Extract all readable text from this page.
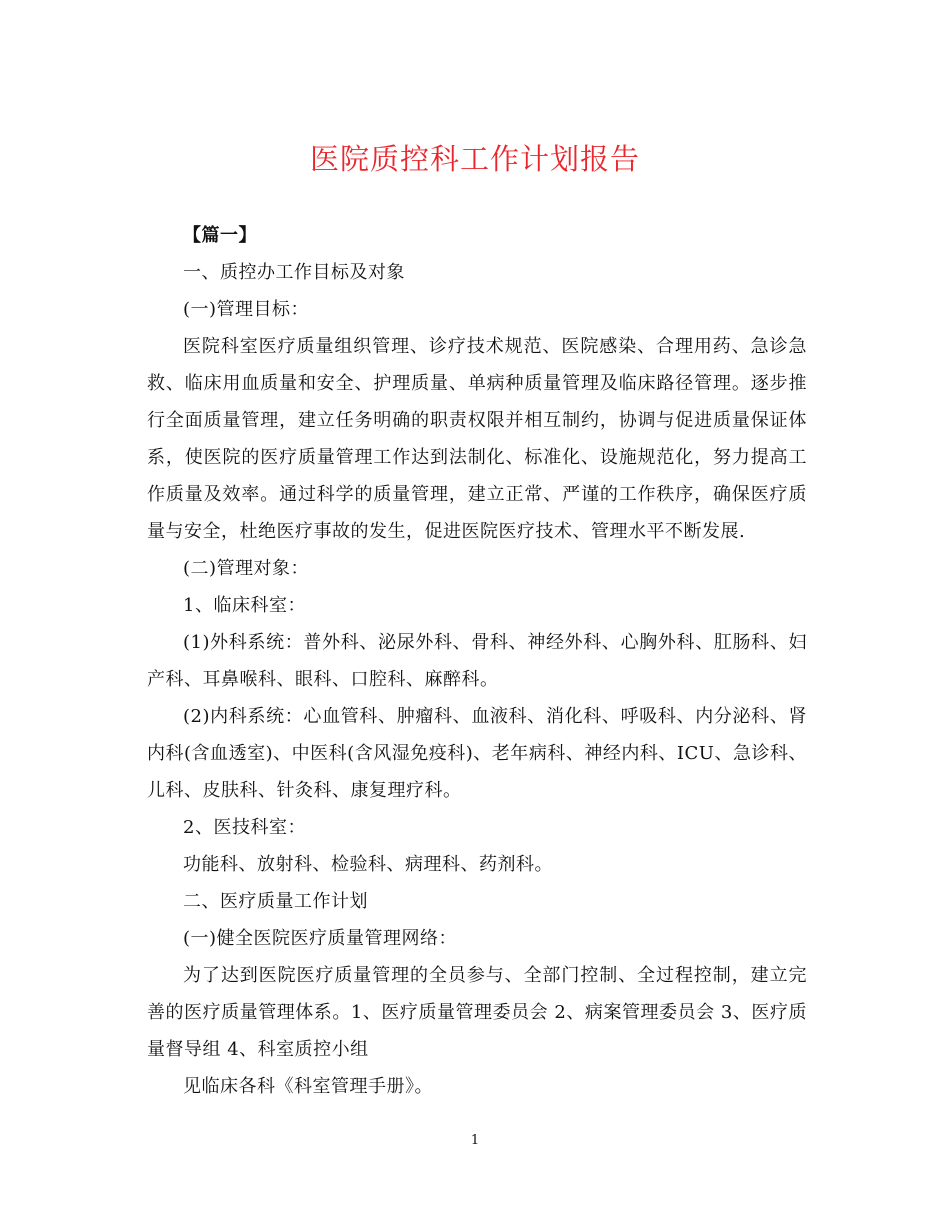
医院质控科工作计划报告

【篇一】

一、质控办工作目标及对象

(一)管理目标：

医院科室医疗质量组织管理、诊疗技术规范、医院感染、合理用药、急诊急救、临床用血质量和安全、护理质量、单病种质量管理及临床路径管理。逐步推行全面质量管理，建立任务明确的职责权限并相互制约，协调与促进质量保证体系，使医院的医疗质量管理工作达到法制化、标准化、设施规范化，努力提高工作质量及效率。通过科学的质量管理，建立正常、严谨的工作秩序，确保医疗质量与安全，杜绝医疗事故的发生，促进医院医疗技术、管理水平不断发展.

(二)管理对象：

1、临床科室：

(1)外科系统：普外科、泌尿外科、骨科、神经外科、心胸外科、肛肠科、妇产科、耳鼻喉科、眼科、口腔科、麻醉科。

(2)内科系统：心血管科、肿瘤科、血液科、消化科、呼吸科、内分泌科、肾内科(含血透室)、中医科(含风湿免疫科)、老年病科、神经内科、ICU、急诊科、儿科、皮肤科、针灸科、康复理疗科。

2、医技科室：

功能科、放射科、检验科、病理科、药剂科。

二、医疗质量工作计划

(一)健全医院医疗质量管理网络：

为了达到医院医疗质量管理的全员参与、全部门控制、全过程控制，建立完善的医疗质量管理体系。1、医疗质量管理委员会 2、病案管理委员会 3、医疗质量督导组 4、科室质控小组

见临床各科《科室管理手册》。

1
